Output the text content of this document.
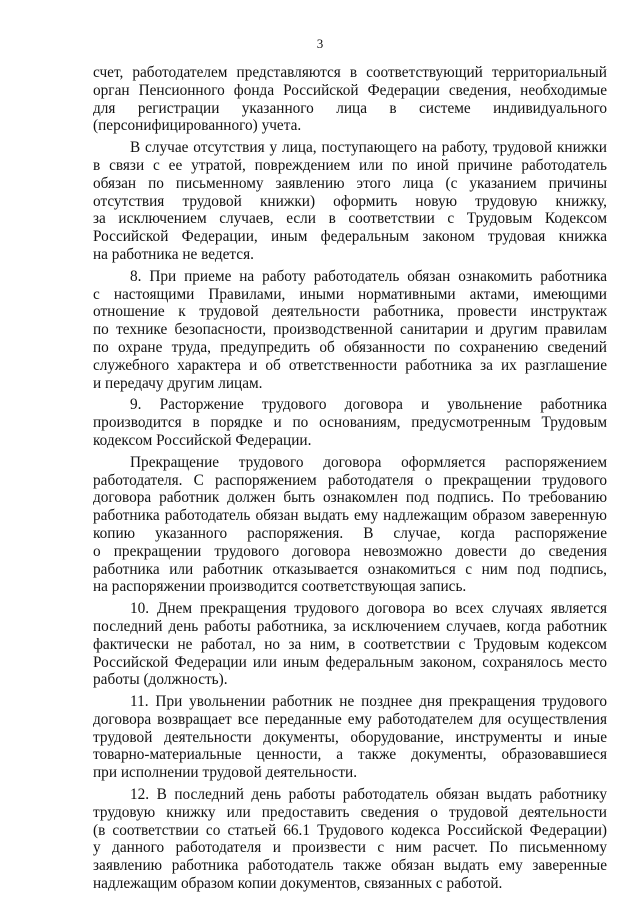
3
счет, работодателем представляются в соответствующий территориальный
орган Пенсионного фонда Российской Федерации сведения, необходимые
для регистрации указанного лица в системе индивидуального
(персонифицированного) учета.
В случае отсутствия у лица, поступающего на работу, трудовой книжки
в связи с ее утратой, повреждением или по иной причине работодатель
обязан по письменному заявлению этого лица (с указанием причины
отсутствия трудовой книжки) оформить новую трудовую книжку,
за исключением случаев, если в соответствии с Трудовым Кодексом
Российской Федерации, иным федеральным законом трудовая книжка
на работника не ведется.
8. При приеме на работу работодатель обязан ознакомить работника
с настоящими Правилами, иными нормативными актами, имеющими
отношение к трудовой деятельности работника, провести инструктаж
по технике безопасности, производственной санитарии и другим правилам
по охране труда, предупредить об обязанности по сохранению сведений
служебного характера и об ответственности работника за их разглашение
и передачу другим лицам.
9. Расторжение трудового договора и увольнение работника
производится в порядке и по основаниям, предусмотренным Трудовым
кодексом Российской Федерации.
Прекращение трудового договора оформляется распоряжением
работодателя. С распоряжением работодателя о прекращении трудового
договора работник должен быть ознакомлен под подпись. По требованию
работника работодатель обязан выдать ему надлежащим образом заверенную
копию указанного распоряжения. В случае, когда распоряжение
о прекращении трудового договора невозможно довести до сведения
работника или работник отказывается ознакомиться с ним под подпись,
на распоряжении производится соответствующая запись.
10. Днем прекращения трудового договора во всех случаях является
последний день работы работника, за исключением случаев, когда работник
фактически не работал, но за ним, в соответствии с Трудовым кодексом
Российской Федерации или иным федеральным законом, сохранялось место
работы (должность).
11. При увольнении работник не позднее дня прекращения трудового
договора возвращает все переданные ему работодателем для осуществления
трудовой деятельности документы, оборудование, инструменты и иные
товарно-материальные ценности, а также документы, образовавшиеся
при исполнении трудовой деятельности.
12. В последний день работы работодатель обязан выдать работнику
трудовую книжку или предоставить сведения о трудовой деятельности
(в соответствии со статьей 66.1 Трудового кодекса Российской Федерации)
у данного работодателя и произвести с ним расчет. По письменному
заявлению работника работодатель также обязан выдать ему заверенные
надлежащим образом копии документов, связанных с работой.
